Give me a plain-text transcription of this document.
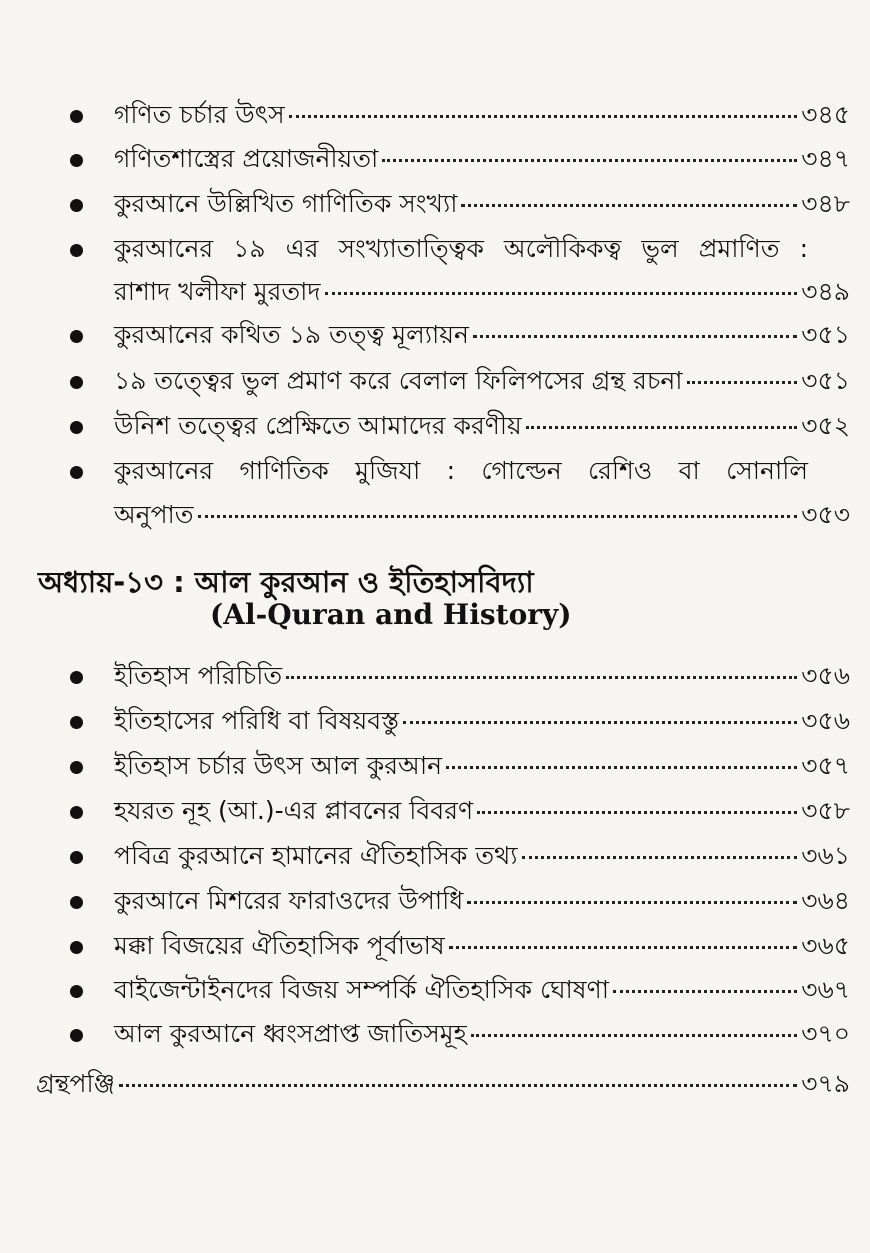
গণিত চর্চার উৎস	৩৪৫
গণিতশাস্ত্রের প্রয়োজনীয়তা	৩৪৭
কুরআনে উল্লিখিত গাণিতিক সংখ্যা	৩৪৮
কুরআনের ১৯ এর সংখ্যাতাত্ত্বিক অলৌকিকত্ব ভুল প্রমাণিত :
রাশাদ খলীফা মুরতাদ	৩৪৯
কুরআনের কথিত ১৯ তত্ত্ব মূল্যায়ন	৩৫১
১৯ তত্ত্বের ভুল প্রমাণ করে বেলাল ফিলিপসের গ্রন্থ রচনা	৩৫১
উনিশ তত্ত্বের প্রেক্ষিতে আমাদের করণীয়	৩৫২
কুরআনের গাণিতিক মুজিযা : গোল্ডেন রেশিও বা সোনালি
অনুপাত	৩৫৩
অধ্যায়-১৩ : আল কুরআন ও ইতিহাসবিদ্যা
(Al-Quran and History)
ইতিহাস পরিচিতি	৩৫৬
ইতিহাসের পরিধি বা বিষয়বস্তু	৩৫৬
ইতিহাস চর্চার উৎস আল কুরআন	৩৫৭
হযরত নূহ (আ.)-এর প্লাবনের বিবরণ	৩৫৮
পবিত্র কুরআনে হামানের ঐতিহাসিক তথ্য	৩৬১
কুরআনে মিশরের ফারাওদের উপাধি	৩৬৪
মক্কা বিজয়ের ঐতিহাসিক পূর্বাভাষ	৩৬৫
বাইজেন্টাইনদের বিজয় সম্পর্কি ঐতিহাসিক ঘোষণা	৩৬৭
আল কুরআনে ধ্বংসপ্রাপ্ত জাতিসমূহ	৩৭০
গ্রন্থপঞ্জি	৩৭৯
